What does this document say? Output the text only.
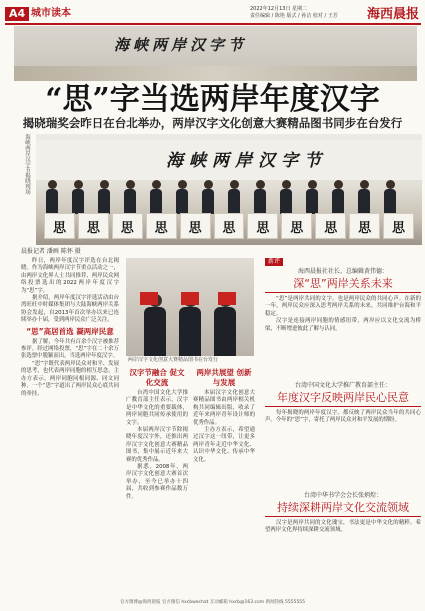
A4 城市读本	2022年12月13日 星期二
责任编辑 / 陈艳 版式 / 孙洁 校对 / 王芳 海西晨报
海峡两岸汉字节
“思”字当选两岸年度汉字
揭晓瑞奖会昨日在台北举办，两岸汉字文化创意大赛精品图书同步在台发行
海峡两岸汉字节揭晓现场	海峡两岸汉字节
思	思	思	思	思	思	思	思	思	思	思
晨报记者 潘画 陈怀 摄

昨日，两岸年度汉字评选在台北揭晓。作为海峡两岸汉字节重点活动之一，由两岸文化界人士共同推荐、两岸民众网络投票选出的2022两岸年度汉字为“思”字。

据介绍，两岸年度汉字评选活动由台湾旺旺中时媒体集团与大陆海峡两岸关系协会发起，自2013年首次举办以来已连续举办十届，受到两岸民众广泛关注。

“思”高居首选 凝两岸民意

据了解，今年共有百余个汉字被推荐参评。经过网络投票，“思”字在二十余万张选票中脱颖而出，当选两岸年度汉字。

“思”字既代表两岸民众对和平、发展的思考，也代表两岸同胞的相互思念。主办方表示，两岸同胞同根同源、同文同种，一个“思”字道出了两岸民众心底共同的牵挂。

两岸汉字文化创意大赛精品图书在台发行
汉字节融合 促文化交流

台湾中国文化大学推广教育部主任表示，汉字是中华文化的重要载体，两岸同胞共同传承使用的文字。

本届两岸汉字节除揭晓年度汉字外，还推出两岸汉字文化创意大赛精品图书，集中展示近年来大赛的优秀作品。

据悉，2008年，两岸汉字文化创意大赛首次举办，至今已举办十四届，共收到参赛作品数万件。

两岸共展望 创新与发展

本届汉字文化创意大赛精品图书由两岸相关机构共同编辑出版，收录了近年来两岸青年设计师的优秀作品。

主办方表示，希望通过汉字这一纽带，让更多两岸青年走近中华文化、认识中华文化、传承中华文化。

新评
海西晨报社社长、总编辑黄伟德：
深“思”两岸关系未来

“思”是两岸共同的文字，也是两岸民众的共同心声。在新的一年，两岸民众应深入思考两岸关系的未来，共同维护台海和平稳定。

汉字是连接两岸同胞的情感纽带，两岸应以文化交流为桥梁，不断增进彼此了解与认同。

台湾中国文化大学推广教育部主任：
年度汉字反映两岸民心民意

每年揭晓的两岸年度汉字，都反映了两岸民众当年的共同心声。今年的“思”字，寄托了两岸民众对和平发展的期盼。

台湾中华书学会会长张炳煌：
持续深耕两岸文化交流领域

汉字是两岸共同的文化瑰宝，书法更是中华文化的精粹。希望两岸文化界持续深耕交流领域。

官方微博@海西晨报 官方微信 hxcbwechat 互动邮箱 hxcb@163.com 新闻热线 5555555
